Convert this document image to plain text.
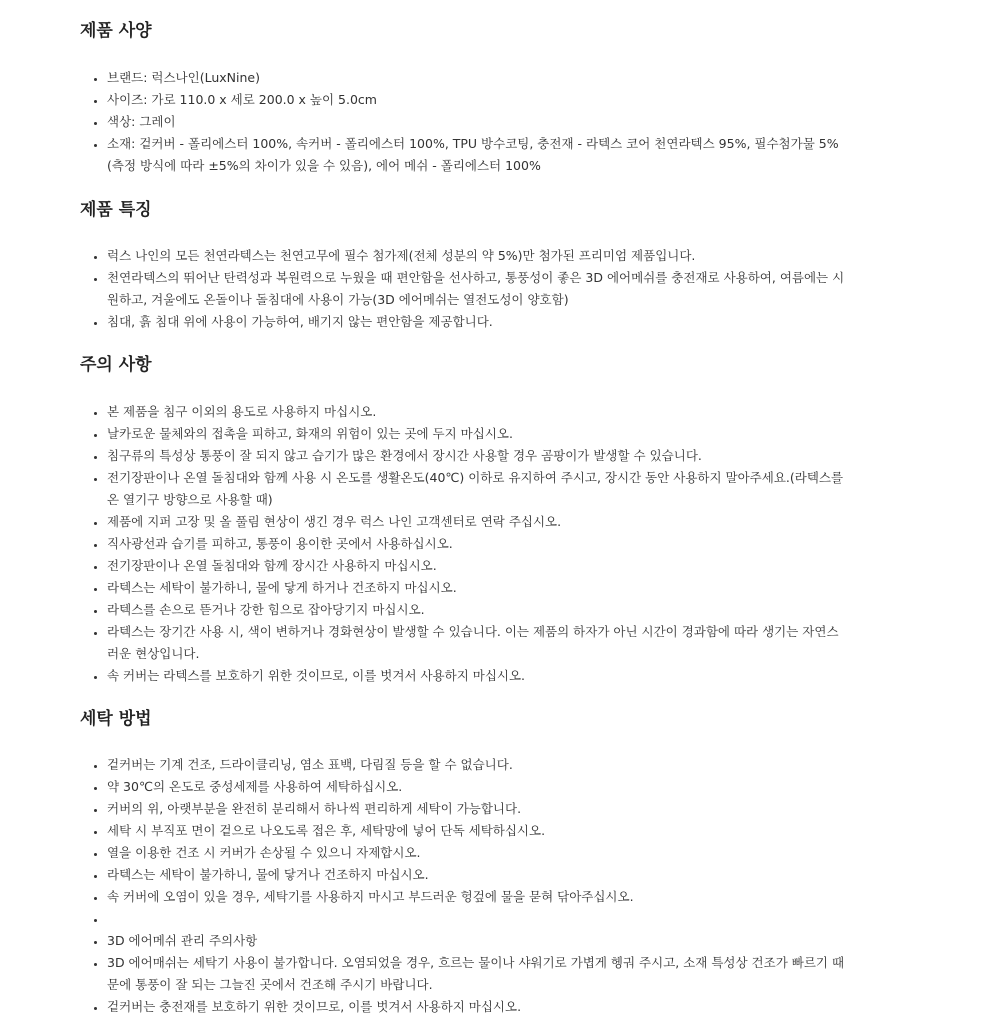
제품 사양
• 브랜드: 럭스나인(LuxNine)
• 사이즈: 가로 110.0 x 세로 200.0 x 높이 5.0cm
• 색상: 그레이
• 소재: 겉커버 - 폴리에스터 100%, 속커버 - 폴리에스터 100%, TPU 방수코팅, 충전재 - 라텍스 코어 천연라텍스 95%, 필수첨가물 5% (측정 방식에 따라 ±5%의 차이가 있을 수 있음), 에어 메쉬 - 폴리에스터 100%
제품 특징
• 럭스 나인의 모든 천연라텍스는 천연고무에 필수 첨가제(전체 성분의 약 5%)만 첨가된 프리미엄 제품입니다.
• 천연라텍스의 뛰어난 탄력성과 복원력으로 누웠을 때 편안함을 선사하고, 통풍성이 좋은 3D 에어메쉬를 충전재로 사용하여, 여름에는 시원하고, 겨울에도 온돌이나 돌침대에 사용이 가능(3D 에어메쉬는 열전도성이 양호함)
• 침대, 흙 침대 위에 사용이 가능하여, 배기지 않는 편안함을 제공합니다.
주의 사항
• 본 제품을 침구 이외의 용도로 사용하지 마십시오.
• 날카로운 물체와의 접촉을 피하고, 화재의 위험이 있는 곳에 두지 마십시오.
• 침구류의 특성상 통풍이 잘 되지 않고 습기가 많은 환경에서 장시간 사용할 경우 곰팡이가 발생할 수 있습니다.
• 전기장판이나 온열 돌침대와 함께 사용 시 온도를 생활온도(40℃) 이하로 유지하여 주시고, 장시간 동안 사용하지 말아주세요.(라텍스를 온 열기구 방향으로 사용할 때)
• 제품에 지퍼 고장 및 올 풀림 현상이 생긴 경우 럭스 나인 고객센터로 연락 주십시오.
• 직사광선과 습기를 피하고, 통풍이 용이한 곳에서 사용하십시오.
• 전기장판이나 온열 돌침대와 함께 장시간 사용하지 마십시오.
• 라텍스는 세탁이 불가하니, 물에 닿게 하거나 건조하지 마십시오.
• 라텍스를 손으로 뜯거나 강한 힘으로 잡아당기지 마십시오.
• 라텍스는 장기간 사용 시, 색이 변하거나 경화현상이 발생할 수 있습니다. 이는 제품의 하자가 아닌 시간이 경과함에 따라 생기는 자연스러운 현상입니다.
• 속 커버는 라텍스를 보호하기 위한 것이므로, 이를 벗겨서 사용하지 마십시오.
세탁 방법
• 겉커버는 기계 건조, 드라이클리닝, 염소 표백, 다림질 등을 할 수 없습니다.
• 약 30℃의 온도로 중성세제를 사용하여 세탁하십시오.
• 커버의 위, 아랫부분을 완전히 분리해서 하나씩 편리하게 세탁이 가능합니다.
• 세탁 시 부직포 면이 겉으로 나오도록 접은 후, 세탁망에 넣어 단독 세탁하십시오.
• 열을 이용한 건조 시 커버가 손상될 수 있으니 자제합시오.
• 라텍스는 세탁이 불가하니, 물에 닿거나 건조하지 마십시오.
• 속 커버에 오염이 있을 경우, 세탁기를 사용하지 마시고 부드러운 헝겊에 물을 묻혀 닦아주십시오.
•
• 3D 에어메쉬 관리 주의사항
• 3D 에어매쉬는 세탁기 사용이 불가합니다. 오염되었을 경우, 흐르는 물이나 샤워기로 가볍게 헹궈 주시고, 소재 특성상 건조가 빠르기 때문에 통풍이 잘 되는 그늘진 곳에서 건조해 주시기 바랍니다.
• 겉커버는 충전재를 보호하기 위한 것이므로, 이를 벗겨서 사용하지 마십시오.
